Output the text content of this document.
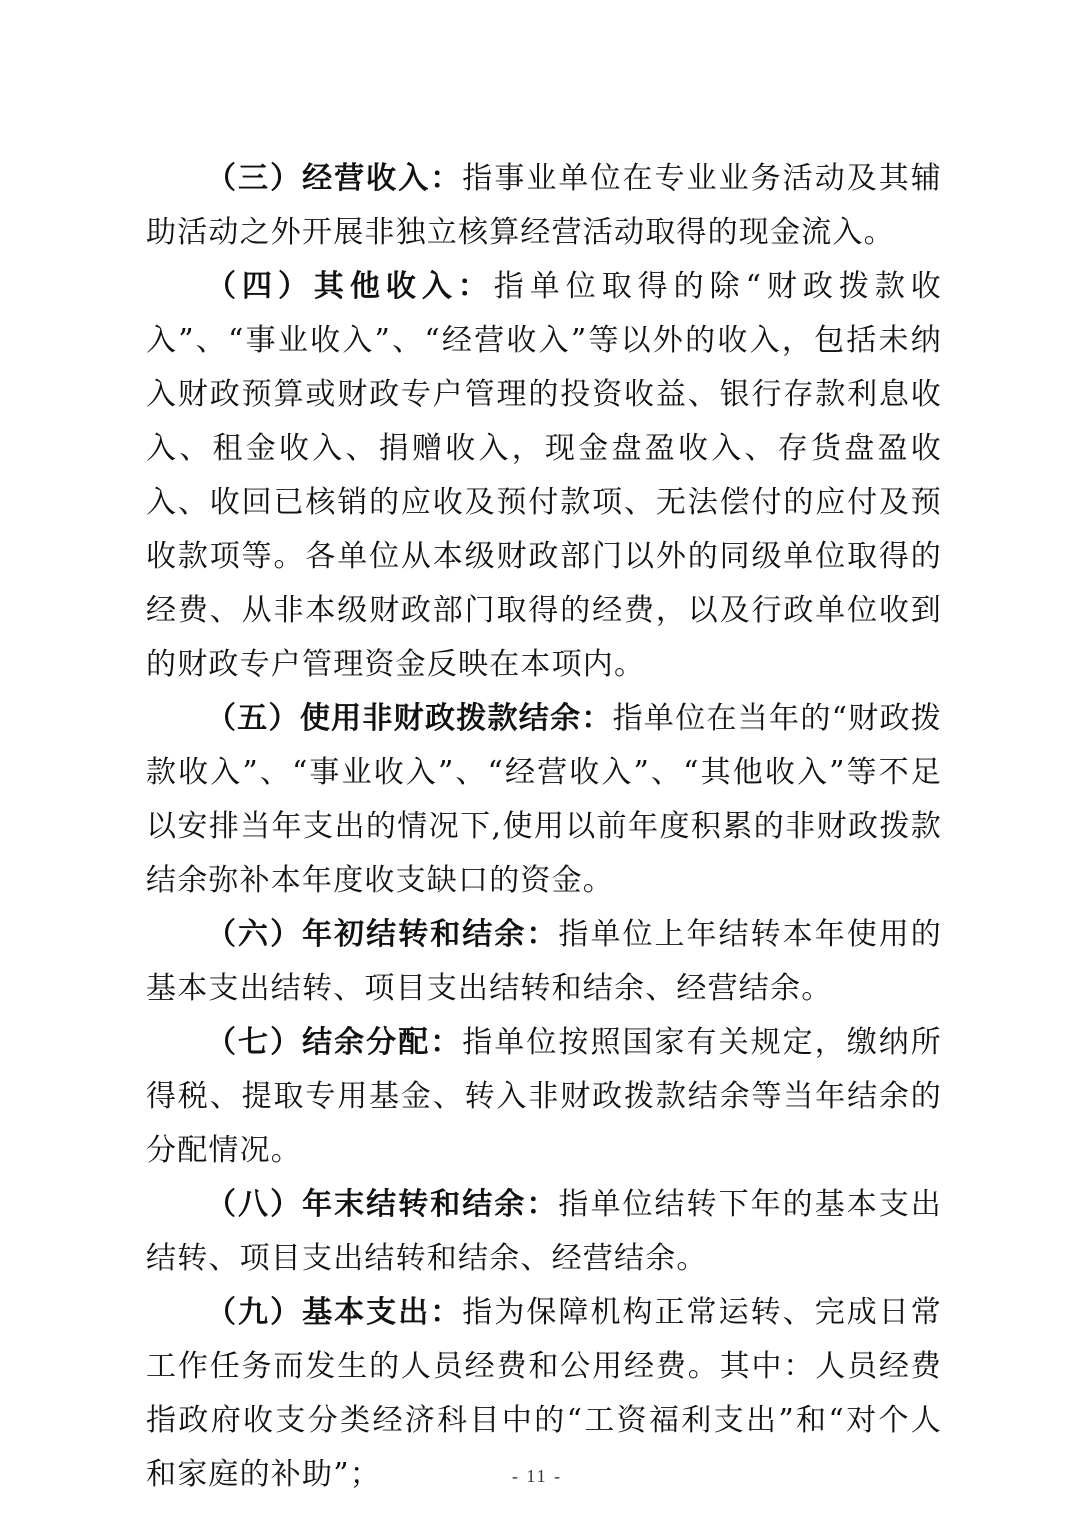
（三）经营收入：指事业单位在专业业务活动及其辅助活动之外开展非独立核算经营活动取得的现金流入。

（四）其他收入：指单位取得的除“财政拨款收入”、“事业收入”、“经营收入”等以外的收入，包括未纳入财政预算或财政专户管理的投资收益、银行存款利息收入、租金收入、捐赠收入，现金盘盈收入、存货盘盈收入、收回已核销的应收及预付款项、无法偿付的应付及预收款项等。各单位从本级财政部门以外的同级单位取得的经费、从非本级财政部门取得的经费，以及行政单位收到的财政专户管理资金反映在本项内。

（五）使用非财政拨款结余：指单位在当年的“财政拨款收入”、“事业收入”、“经营收入”、“其他收入”等不足以安排当年支出的情况下,使用以前年度积累的非财政拨款结余弥补本年度收支缺口的资金。

（六）年初结转和结余：指单位上年结转本年使用的基本支出结转、项目支出结转和结余、经营结余。

（七）结余分配：指单位按照国家有关规定，缴纳所得税、提取专用基金、转入非财政拨款结余等当年结余的分配情况。

（八）年末结转和结余：指单位结转下年的基本支出结转、项目支出结转和结余、经营结余。

（九）基本支出：指为保障机构正常运转、完成日常工作任务而发生的人员经费和公用经费。其中：人员经费指政府收支分类经济科目中的“工资福利支出”和“对个人和家庭的补助”；	- 11 -
